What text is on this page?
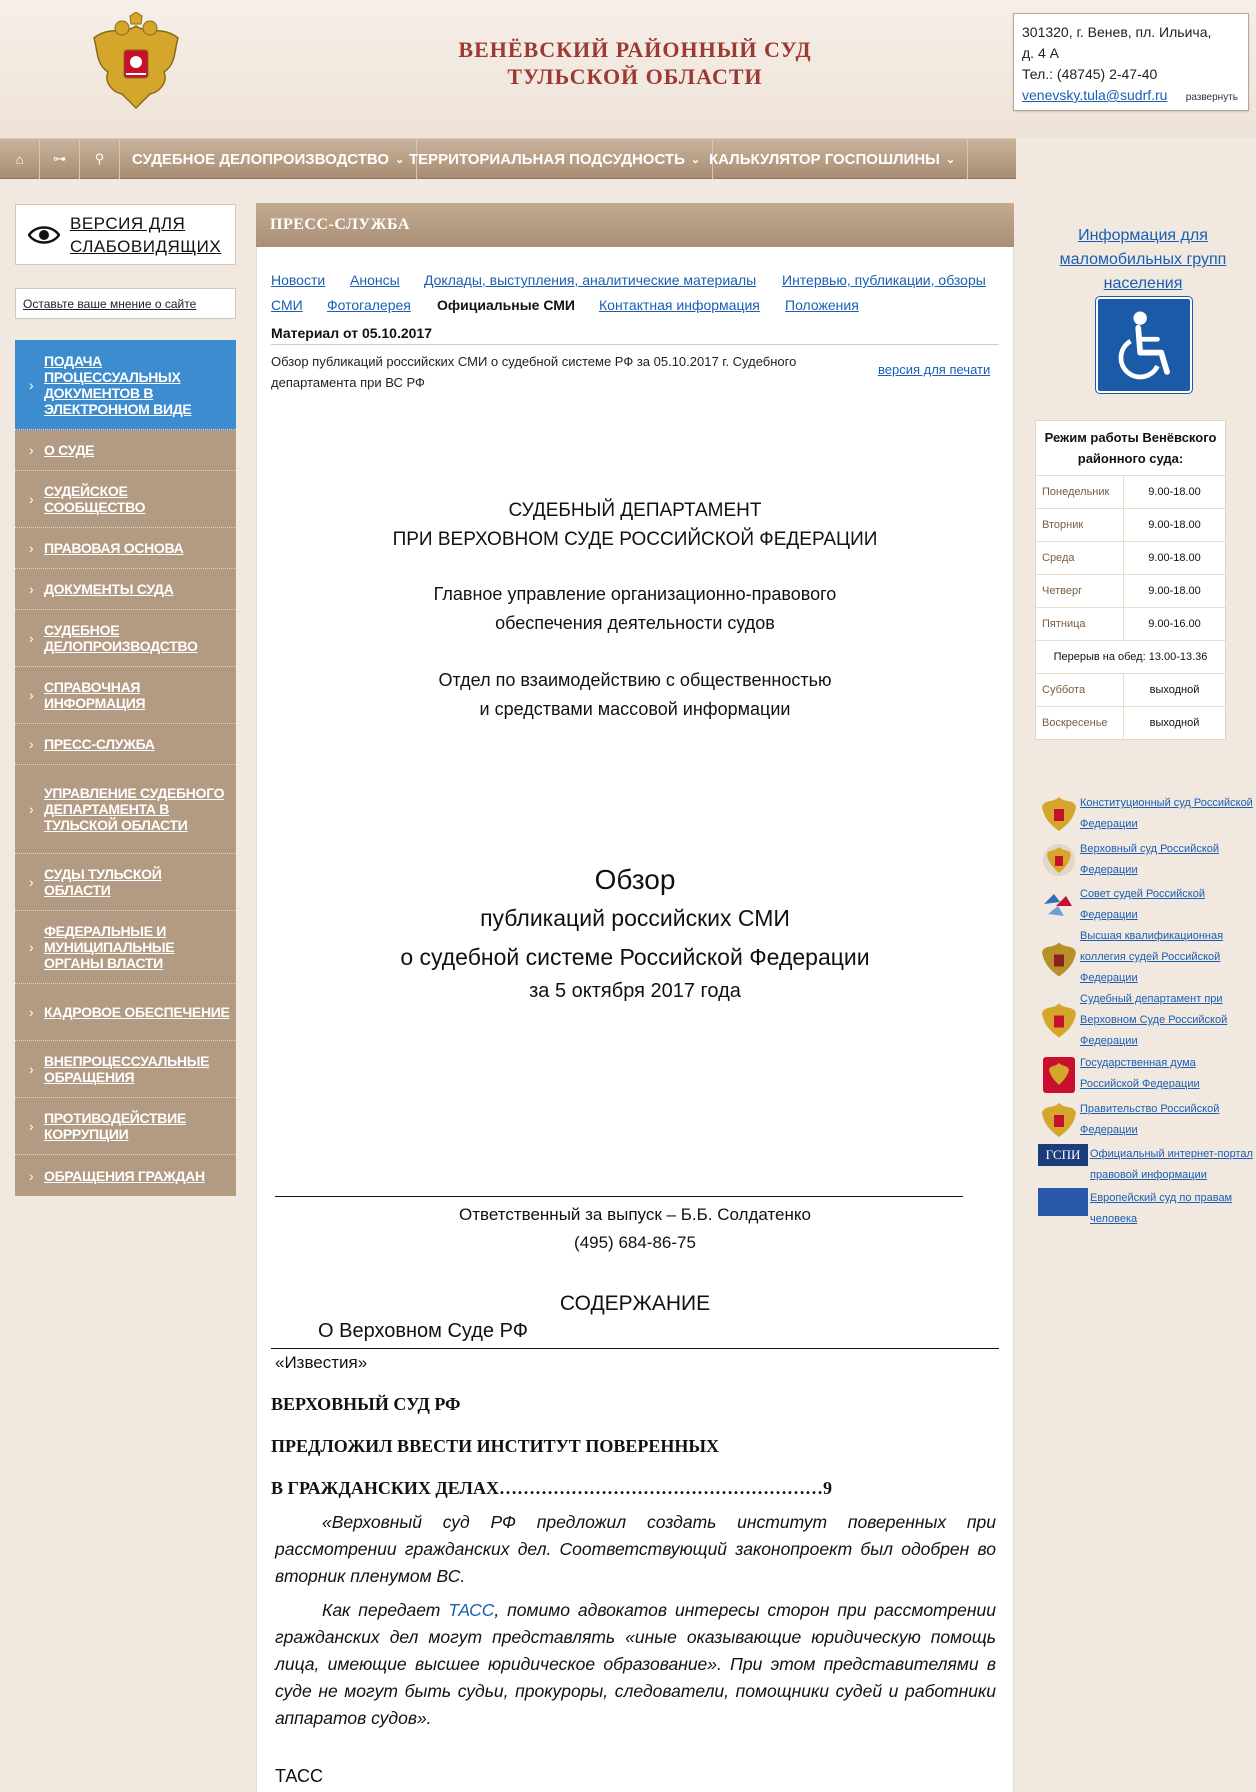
ВЕНЁВСКИЙ РАЙОННЫЙ СУД
ТУЛЬСКОЙ ОБЛАСТИ
301320, г. Венев, пл. Ильича,
д. 4 А
Тел.: (48745) 2-47-40
venevsky.tula@sudrf.ru	развернуть
⌂	⊶	⚲	СУДЕБНОЕ ДЕЛОПРОИЗВОДСТВО ⌄ ТЕРРИТОРИАЛЬНАЯ ПОДСУДНОСТЬ ⌄ КАЛЬКУЛЯТОР ГОСПОШЛИНЫ ⌄
ВЕРСИЯ ДЛЯ
СЛАБОВИДЯЩИХ
Оставьте ваше мнение о сайте
›
ПОДАЧА ПРОЦЕССУАЛЬНЫХ ДОКУМЕНТОВ В ЭЛЕКТРОННОМ ВИДЕ
› О СУДЕ
› СУДЕЙСКОЕ СООБЩЕСТВО
› ПРАВОВАЯ ОСНОВА
› ДОКУМЕНТЫ СУДА
› СУДЕБНОЕ ДЕЛОПРОИЗВОДСТВО
› СПРАВОЧНАЯ ИНФОРМАЦИЯ
› ПРЕСС-СЛУЖБА
›
УПРАВЛЕНИЕ СУДЕБНОГО ДЕПАРТАМЕНТА В ТУЛЬСКОЙ ОБЛАСТИ
› СУДЫ ТУЛЬСКОЙ ОБЛАСТИ
›
ФЕДЕРАЛЬНЫЕ И МУНИЦИПАЛЬНЫЕ ОРГАНЫ ВЛАСТИ
› КАДРОВОЕ ОБЕСПЕЧЕНИЕ
› ВНЕПРОЦЕССУАЛЬНЫЕ ОБРАЩЕНИЯ
› ПРОТИВОДЕЙСТВИЕ КОРРУПЦИИ
› ОБРАЩЕНИЯ ГРАЖДАН
ПРЕСС-СЛУЖБА
Новости Анонсы Доклады, выступления, аналитические материалы Интервью, публикации, обзоры
СМИ Фотогалерея Официальные СМИ Контактная информация Положения
Материал от 05.10.2017
Обзор публикаций российских СМИ о судебной системе РФ за 05.10.2017 г. Судебного департамента при ВС РФ
версия для печати
СУДЕБНЫЙ ДЕПАРТАМЕНТ
ПРИ ВЕРХОВНОМ СУДЕ РОССИЙСКОЙ ФЕДЕРАЦИИ
Главное управление организационно-правового
обеспечения деятельности судов
Отдел по взаимодействию с общественностью
и средствами массовой информации
Обзор
публикаций российских СМИ
о судебной системе Российской Федерации
за 5 октября 2017 года
Ответственный за выпуск – Б.Б. Солдатенко
(495) 684-86-75
СОДЕРЖАНИЕ
О Верховном Суде РФ
«Известия»
ВЕРХОВНЫЙ СУД РФ
ПРЕДЛОЖИЛ ВВЕСТИ ИНСТИТУТ ПОВЕРЕННЫХ
В ГРАЖДАНСКИХ ДЕЛАХ………………………………………………9
«Верховный суд РФ предложил создать институт поверенных при рассмотрении гражданских дел. Соответствующий законопроект был одобрен во вторник пленумом ВС.
Как передает ТАСС, помимо адвокатов интересы сторон при рассмотрении гражданских дел могут представлять «иные оказывающие юридическую помощь лица, имеющие высшее юридическое образование». При этом представителями в суде не могут быть судьи, прокуроры, следователи, помощники судей и работники аппаратов судов».
ТАСС
Информация для
маломобильных групп
населения
Режим работы Венёвского районного суда:
Понедельник	9.00-18.00
Вторник	9.00-18.00
Среда	9.00-18.00
Четверг	9.00-18.00
Пятница	9.00-16.00
Перерыв на обед: 13.00-13.36
Суббота	выходной
Воскресенье	выходной
Конституционный суд Российской
Федерации
Верховный суд Российской
Федерации
Совет судей Российской
Федерации
Высшая квалификационная
коллегия судей Российской
Федерации
Судебный департамент при
Верховном Суде Российской
Федерации
Государственная дума
Российской Федерации
Правительство Российской
Федерации
ГСПИ Официальный интернет-портал
правовой информации
Европейский суд по правам
человека
